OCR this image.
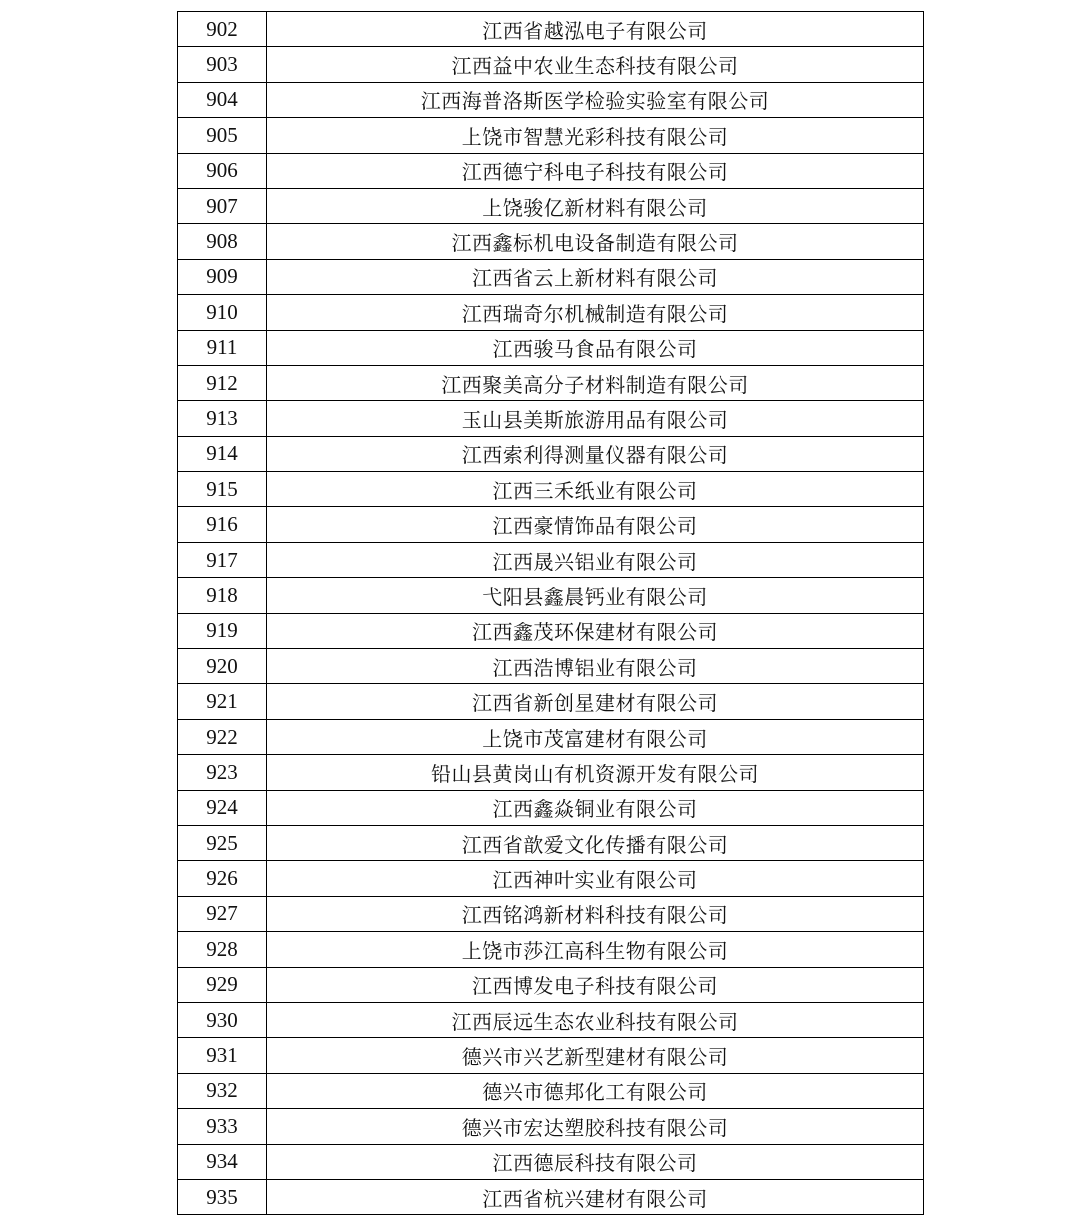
902	江西省越泓电子有限公司
903	江西益中农业生态科技有限公司
904	江西海普洛斯医学检验实验室有限公司
905	上饶市智慧光彩科技有限公司
906	江西德宁科电子科技有限公司
907	上饶骏亿新材料有限公司
908	江西鑫标机电设备制造有限公司
909	江西省云上新材料有限公司
910	江西瑞奇尔机械制造有限公司
911	江西骏马食品有限公司
912	江西聚美高分子材料制造有限公司
913	玉山县美斯旅游用品有限公司
914	江西索利得测量仪器有限公司
915	江西三禾纸业有限公司
916	江西豪情饰品有限公司
917	江西晟兴铝业有限公司
918	弋阳县鑫晨钙业有限公司
919	江西鑫茂环保建材有限公司
920	江西浩博铝业有限公司
921	江西省新创星建材有限公司
922	上饶市茂富建材有限公司
923	铅山县黄岗山有机资源开发有限公司
924	江西鑫焱铜业有限公司
925	江西省歆爱文化传播有限公司
926	江西神叶实业有限公司
927	江西铭鸿新材料科技有限公司
928	上饶市莎江高科生物有限公司
929	江西博发电子科技有限公司
930	江西辰远生态农业科技有限公司
931	德兴市兴艺新型建材有限公司
932	德兴市德邦化工有限公司
933	德兴市宏达塑胶科技有限公司
934	江西德辰科技有限公司
935	江西省杭兴建材有限公司
